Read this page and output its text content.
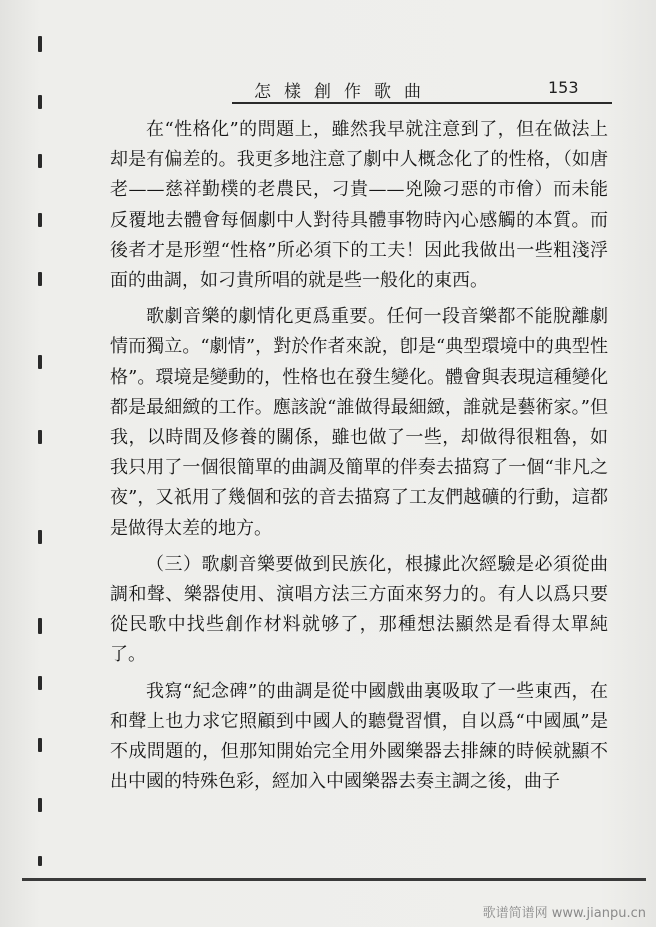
怎樣創作歌曲	153

在“性格化”的問題上，雖然我早就注意到了，但在做法上却是有偏差的。我更多地注意了劇中人概念化了的性格，（如唐老——慈祥勤樸的老農民，刁貴——兇險刁惡的市儈）而未能反覆地去體會每個劇中人對待具體事物時內心感觸的本質。而後者才是形塑“性格”所必須下的工夫！因此我做出一些粗淺浮面的曲調，如刁貴所唱的就是些一般化的東西。

歌劇音樂的劇情化更爲重要。任何一段音樂都不能脫離劇情而獨立。“劇情”，對於作者來說，卽是“典型環境中的典型性格”。環境是變動的，性格也在發生變化。體會與表現這種變化都是最細緻的工作。應該說“誰做得最細緻，誰就是藝術家。”但我，以時間及修養的關係，雖也做了一些，却做得很粗魯，如我只用了一個很簡單的曲調及簡單的伴奏去描寫了一個“非凡之夜”，又祇用了幾個和弦的音去描寫了工友們越礦的行動，這都是做得太差的地方。

（三）歌劇音樂要做到民族化，根據此次經驗是必須從曲調和聲、樂器使用、演唱方法三方面來努力的。有人以爲只要從民歌中找些創作材料就够了，那種想法顯然是看得太單純了。

我寫“紀念碑”的曲調是從中國戲曲裏吸取了一些東西，在和聲上也力求它照顧到中國人的聽覺習慣，自以爲“中國風”是不成問題的，但那知開始完全用外國樂器去排練的時候就顯不出中國的特殊色彩，經加入中國樂器去奏主調之後，曲子

歌谱简谱网 www.jianpu.cn
